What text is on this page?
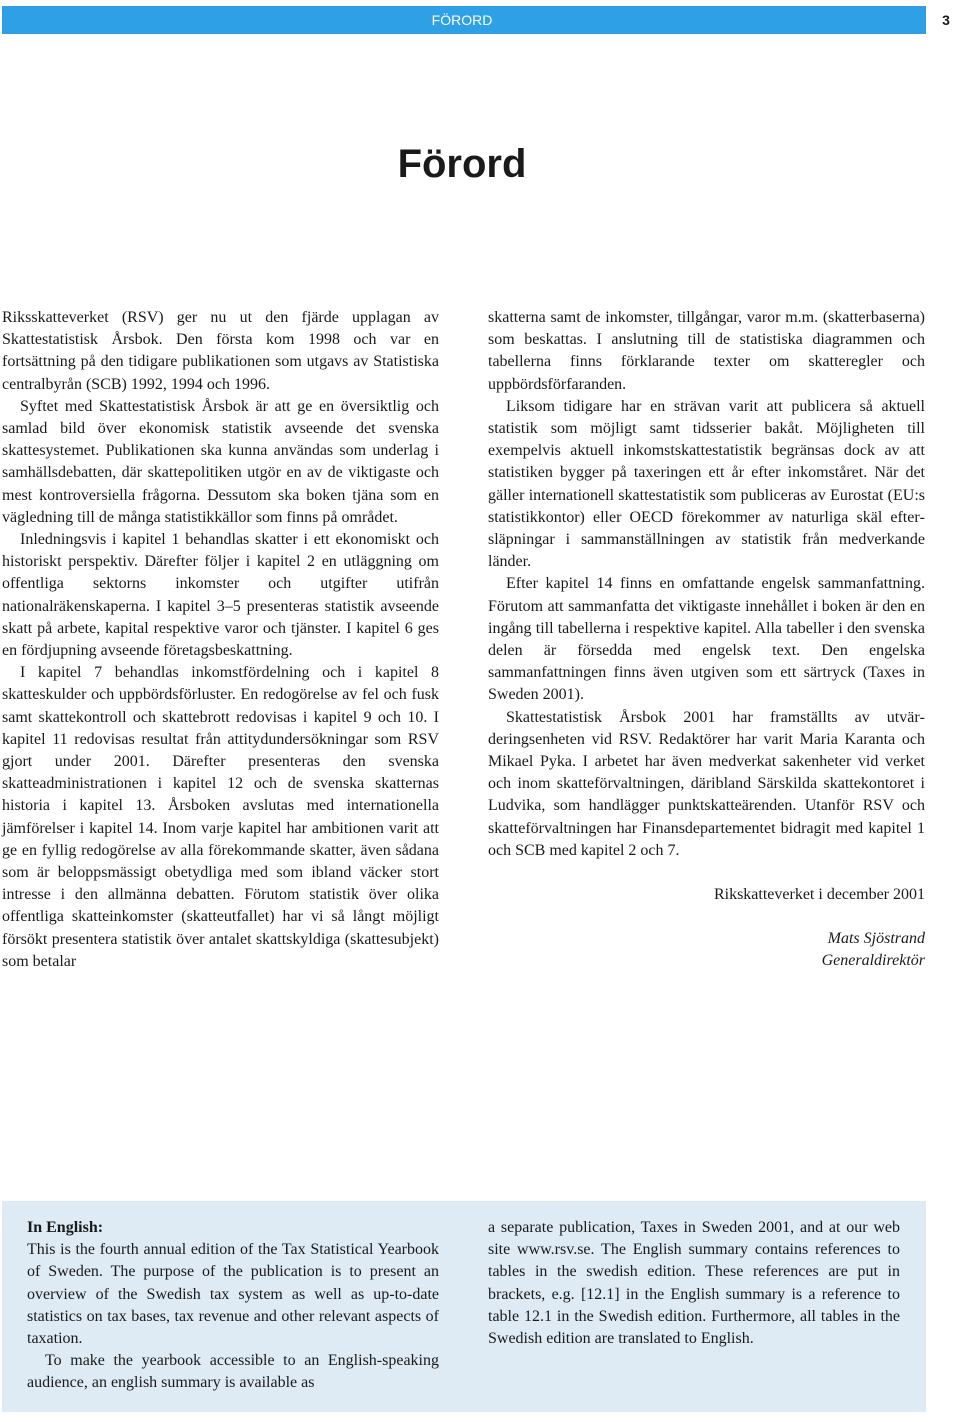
FÖRORD	3
Förord

Riksskatteverket (RSV) ger nu ut den fjärde upplagan av Skattestatistisk Årsbok. Den första kom 1998 och var en fortsättning på den tidigare publikationen som utgavs av Statistiska centralbyrån (SCB) 1992, 1994 och 1996.

Syftet med Skattestatistisk Årsbok är att ge en översiktlig och samlad bild över ekonomisk statistik avseende det svenska skattesystemet. Publikationen ska kunna användas som underlag i samhällsdebatten, där skattepolitiken utgör en av de viktigaste och mest kontroversiella frågorna. Dessutom ska boken tjäna som en vägledning till de många statistikkällor som finns på området.

Inledningsvis i kapitel 1 behandlas skatter i ett ekonomiskt och historiskt perspektiv. Därefter följer i kapitel 2 en utläggning om offentliga sektorns inkomster och utgifter utifrån nationalräkenskaperna. I kapitel 3–5 presenteras statistik avseende skatt på arbete, kapital respektive varor och tjänster. I kapitel 6 ges en fördjupning avseende företagsbeskattning.

I kapitel 7 behandlas inkomstfördelning och i kapitel 8 skatteskulder och uppbördsförluster. En redogörelse av fel och fusk samt skattekontroll och skattebrott redovisas i kapitel 9 och 10. I kapitel 11 redovisas resultat från attitydundersökningar som RSV gjort under 2001. Därefter presenteras den svenska skatteadministrationen i kapitel 12 och de svenska skatternas historia i kapitel 13. Årsboken avslutas med internationella jämförelser i kapitel 14. Inom varje kapitel har ambitionen varit att ge en fyllig redogörelse av alla förekommande skatter, även sådana som är beloppsmässigt obetydliga med som ibland väcker stort intresse i den allmänna debatten. Förutom statistik över olika offentliga skatteinkomster (skatteutfallet) har vi så långt möjligt försökt presentera statistik över antalet skattskyldiga (skattesubjekt) som betalar

skatterna samt de inkomster, tillgångar, varor m.m. (skatterbaserna) som beskattas. I anslutning till de statistiska diagrammen och tabellerna finns förklarande texter om skatteregler och uppbördsförfaranden.

Liksom tidigare har en strävan varit att publicera så aktuell statistik som möjligt samt tidsserier bakåt. Möjligheten till exempelvis aktuell inkomstskattestatistik begränsas dock av att statistiken bygger på taxeringen ett år efter inkomståret. När det gäller internationell skattestatistik som publiceras av Eurostat (EU:s statistikkontor) eller OECD förekommer av naturliga skäl eftersläpningar i sammanställningen av statistik från medverkande länder.

Efter kapitel 14 finns en omfattande engelsk sammanfattning. Förutom att sammanfatta det viktigaste innehållet i boken är den en ingång till tabellerna i respektive kapitel. Alla tabeller i den svenska delen är försedda med engelsk text. Den engelska sammanfattningen finns även utgiven som ett särtryck (Taxes in Sweden 2001).

Skattestatistisk Årsbok 2001 har framställts av utvärderingsenheten vid RSV. Redaktörer har varit Maria Karanta och Mikael Pyka. I arbetet har även medverkat sakenheter vid verket och inom skatteförvaltningen, däribland Särskilda skattekontoret i Ludvika, som handlägger punktskatteärenden. Utanför RSV och skatteförvaltningen har Finansdepartementet bidragit med kapitel 1 och SCB med kapitel 2 och 7.

Rikskatteverket i december 2001

Mats Sjöstrand

Generaldirektör

In English:

This is the fourth annual edition of the Tax Statistical Yearbook of Sweden. The purpose of the publication is to present an overview of the Swedish tax system as well as up-to-date statistics on tax bases, tax revenue and other relevant aspects of taxation.

To make the yearbook accessible to an English-speaking audience, an english summary is available as

a separate publication, Taxes in Sweden 2001, and at our web site www.rsv.se. The English summary contains references to tables in the swedish edition. These references are put in brackets, e.g. [12.1] in the English summary is a reference to table 12.1 in the Swedish edition. Furthermore, all tables in the Swedish edition are translated to English.
